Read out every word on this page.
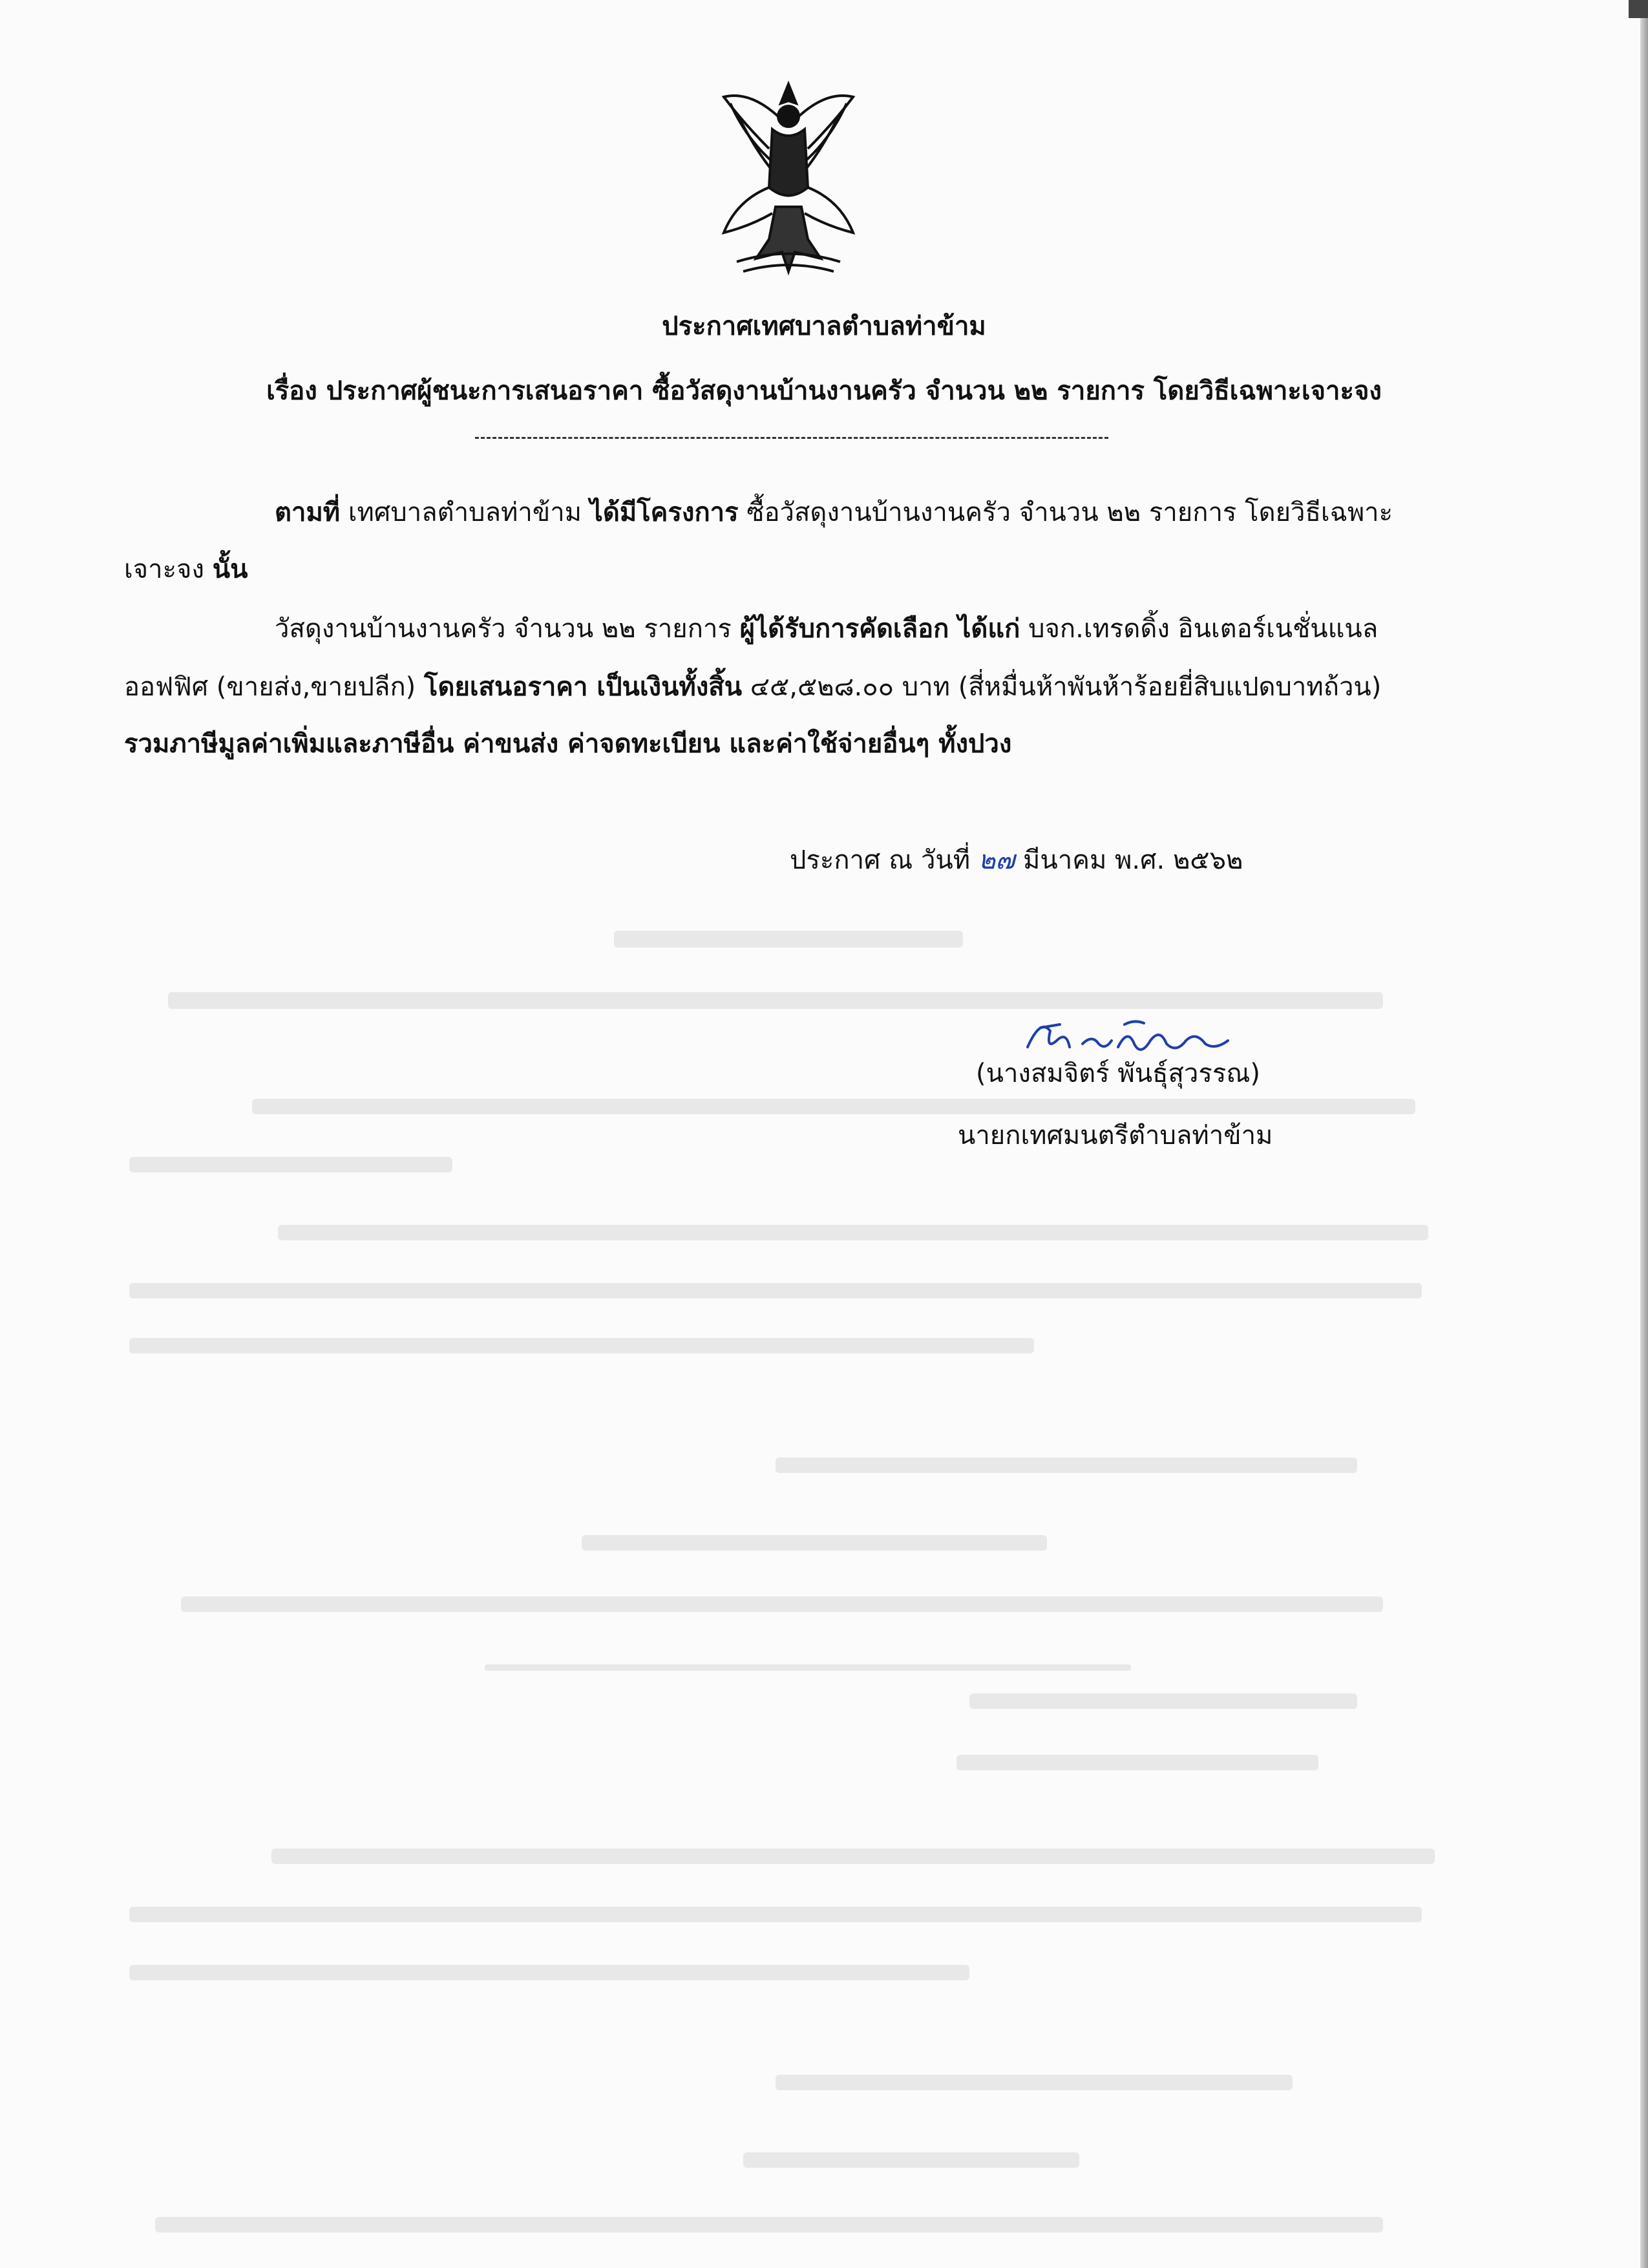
ประกาศเทศบาลตำบลท่าข้าม
เรื่อง ประกาศผู้ชนะการเสนอราคา ซื้อวัสดุงานบ้านงานครัว จำนวน ๒๒ รายการ โดยวิธีเฉพาะเจาะจง
ตามที่ เทศบาลตำบลท่าข้าม ได้มีโครงการ ซื้อวัสดุงานบ้านงานครัว จำนวน ๒๒ รายการ โดยวิธีเฉพาะ
เจาะจง นั้น
วัสดุงานบ้านงานครัว จำนวน ๒๒ รายการ ผู้ได้รับการคัดเลือก ได้แก่ บจก.เทรดดิ้ง อินเตอร์เนชั่นแนล
ออฟฟิศ (ขายส่ง,ขายปลีก) โดยเสนอราคา เป็นเงินทั้งสิ้น ๔๕,๕๒๘.๐๐ บาท (สี่หมื่นห้าพันห้าร้อยยี่สิบแปดบาทถ้วน)
รวมภาษีมูลค่าเพิ่มและภาษีอื่น ค่าขนส่ง ค่าจดทะเบียน และค่าใช้จ่ายอื่นๆ ทั้งปวง
ประกาศ ณ วันที่ ๒๗ มีนาคม พ.ศ. ๒๕๖๒
(นางสมจิตร์ พันธุ์สุวรรณ)
นายกเทศมนตรีตำบลท่าข้าม
